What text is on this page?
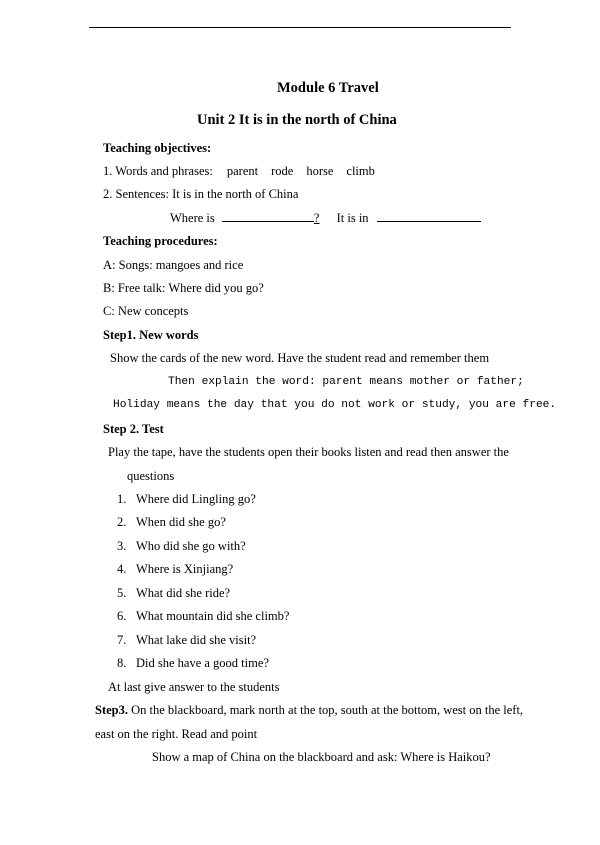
Module 6 Travel
Unit 2 It is in the north of China
Teaching objectives:
1. Words and phrases: parent rode horse climb
2. Sentences: It is in the north of China
Where is	? It is in
Teaching procedures:
A: Songs: mangoes and rice
B: Free talk: Where did you go?
C: New concepts
Step1. New words
Show the cards of the new word. Have the student read and remember them
Then explain the word: parent means mother or father;
Holiday means the day that you do not work or study, you are free.
Step 2. Test
Play the tape, have the students open their books listen and read then answer the
questions
1. Where did Lingling go?
2. When did she go?
3. Who did she go with?
4. Where is Xinjiang?
5. What did she ride?
6. What mountain did she climb?
7. What lake did she visit?
8. Did she have a good time?
At last give answer to the students
Step3. On the blackboard, mark north at the top, south at the bottom, west on the left,
east on the right. Read and point
Show a map of China on the blackboard and ask: Where is Haikou?
